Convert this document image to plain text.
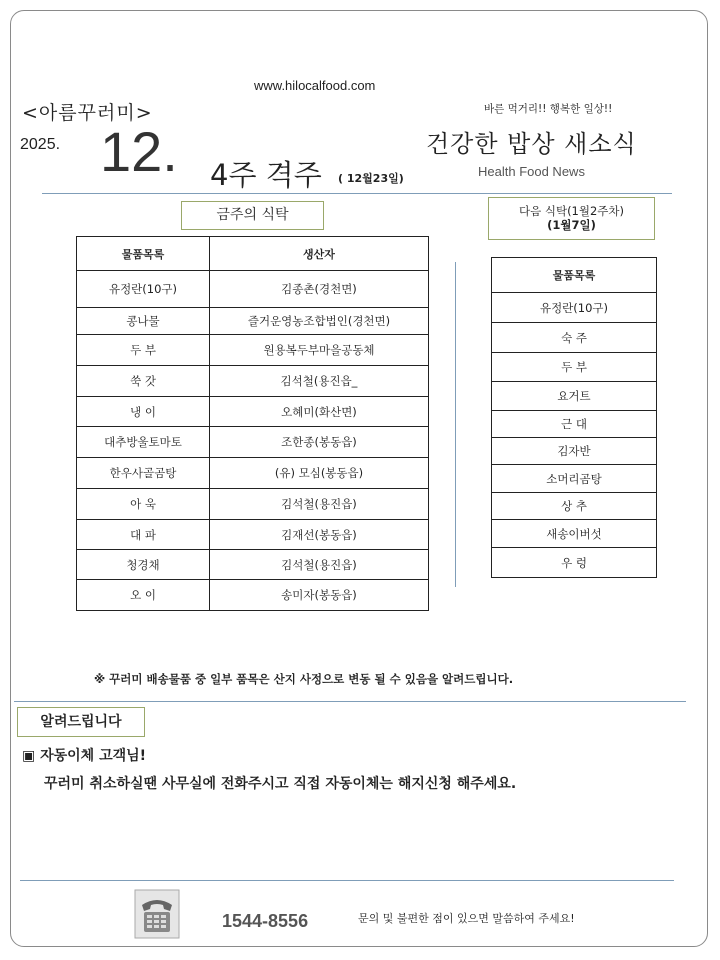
www.hilocalfood.com
<아름꾸러미>	바른 먹거리!! 행복한 일상!!
2025. 12. 4주 격주 ( 12월23일)
건강한 밥상 새소식
Health Food News
금주의 식탁	다음 식탁(1월2주차)
(1월7일)
물품목록	생산자
유정란(10구)	김종촌(경천면)
콩나물	즐거운영농조합법인(경천면)
두 부	원용복두부마을공동체
쑥 갓	김석철(용진읍_
냉 이	오혜미(화산면)
대추방울토마토	조한종(봉동읍)
한우사골곰탕	(유) 모심(봉동읍)
아 욱	김석철(용진읍)
대 파	김재선(봉동읍)
청경채	김석철(용진읍)
오 이	송미자(봉동읍)
물품목록
유정란(10구)
숙 주
두 부
요거트
근 대
김자반
소머리곰탕
상 추
새송이버섯
우 렁
※ 꾸러미 배송물품 중 일부 품목은 산지 사정으로 변동 될 수 있음을 알려드립니다.
알려드립니다
▣ 자동이체 고객님!
꾸러미 취소하실땐 사무실에 전화주시고 직접 자동이체는 해지신청 해주세요.
1544-8556	문의 및 불편한 점이 있으면 말씀하여 주세요!
